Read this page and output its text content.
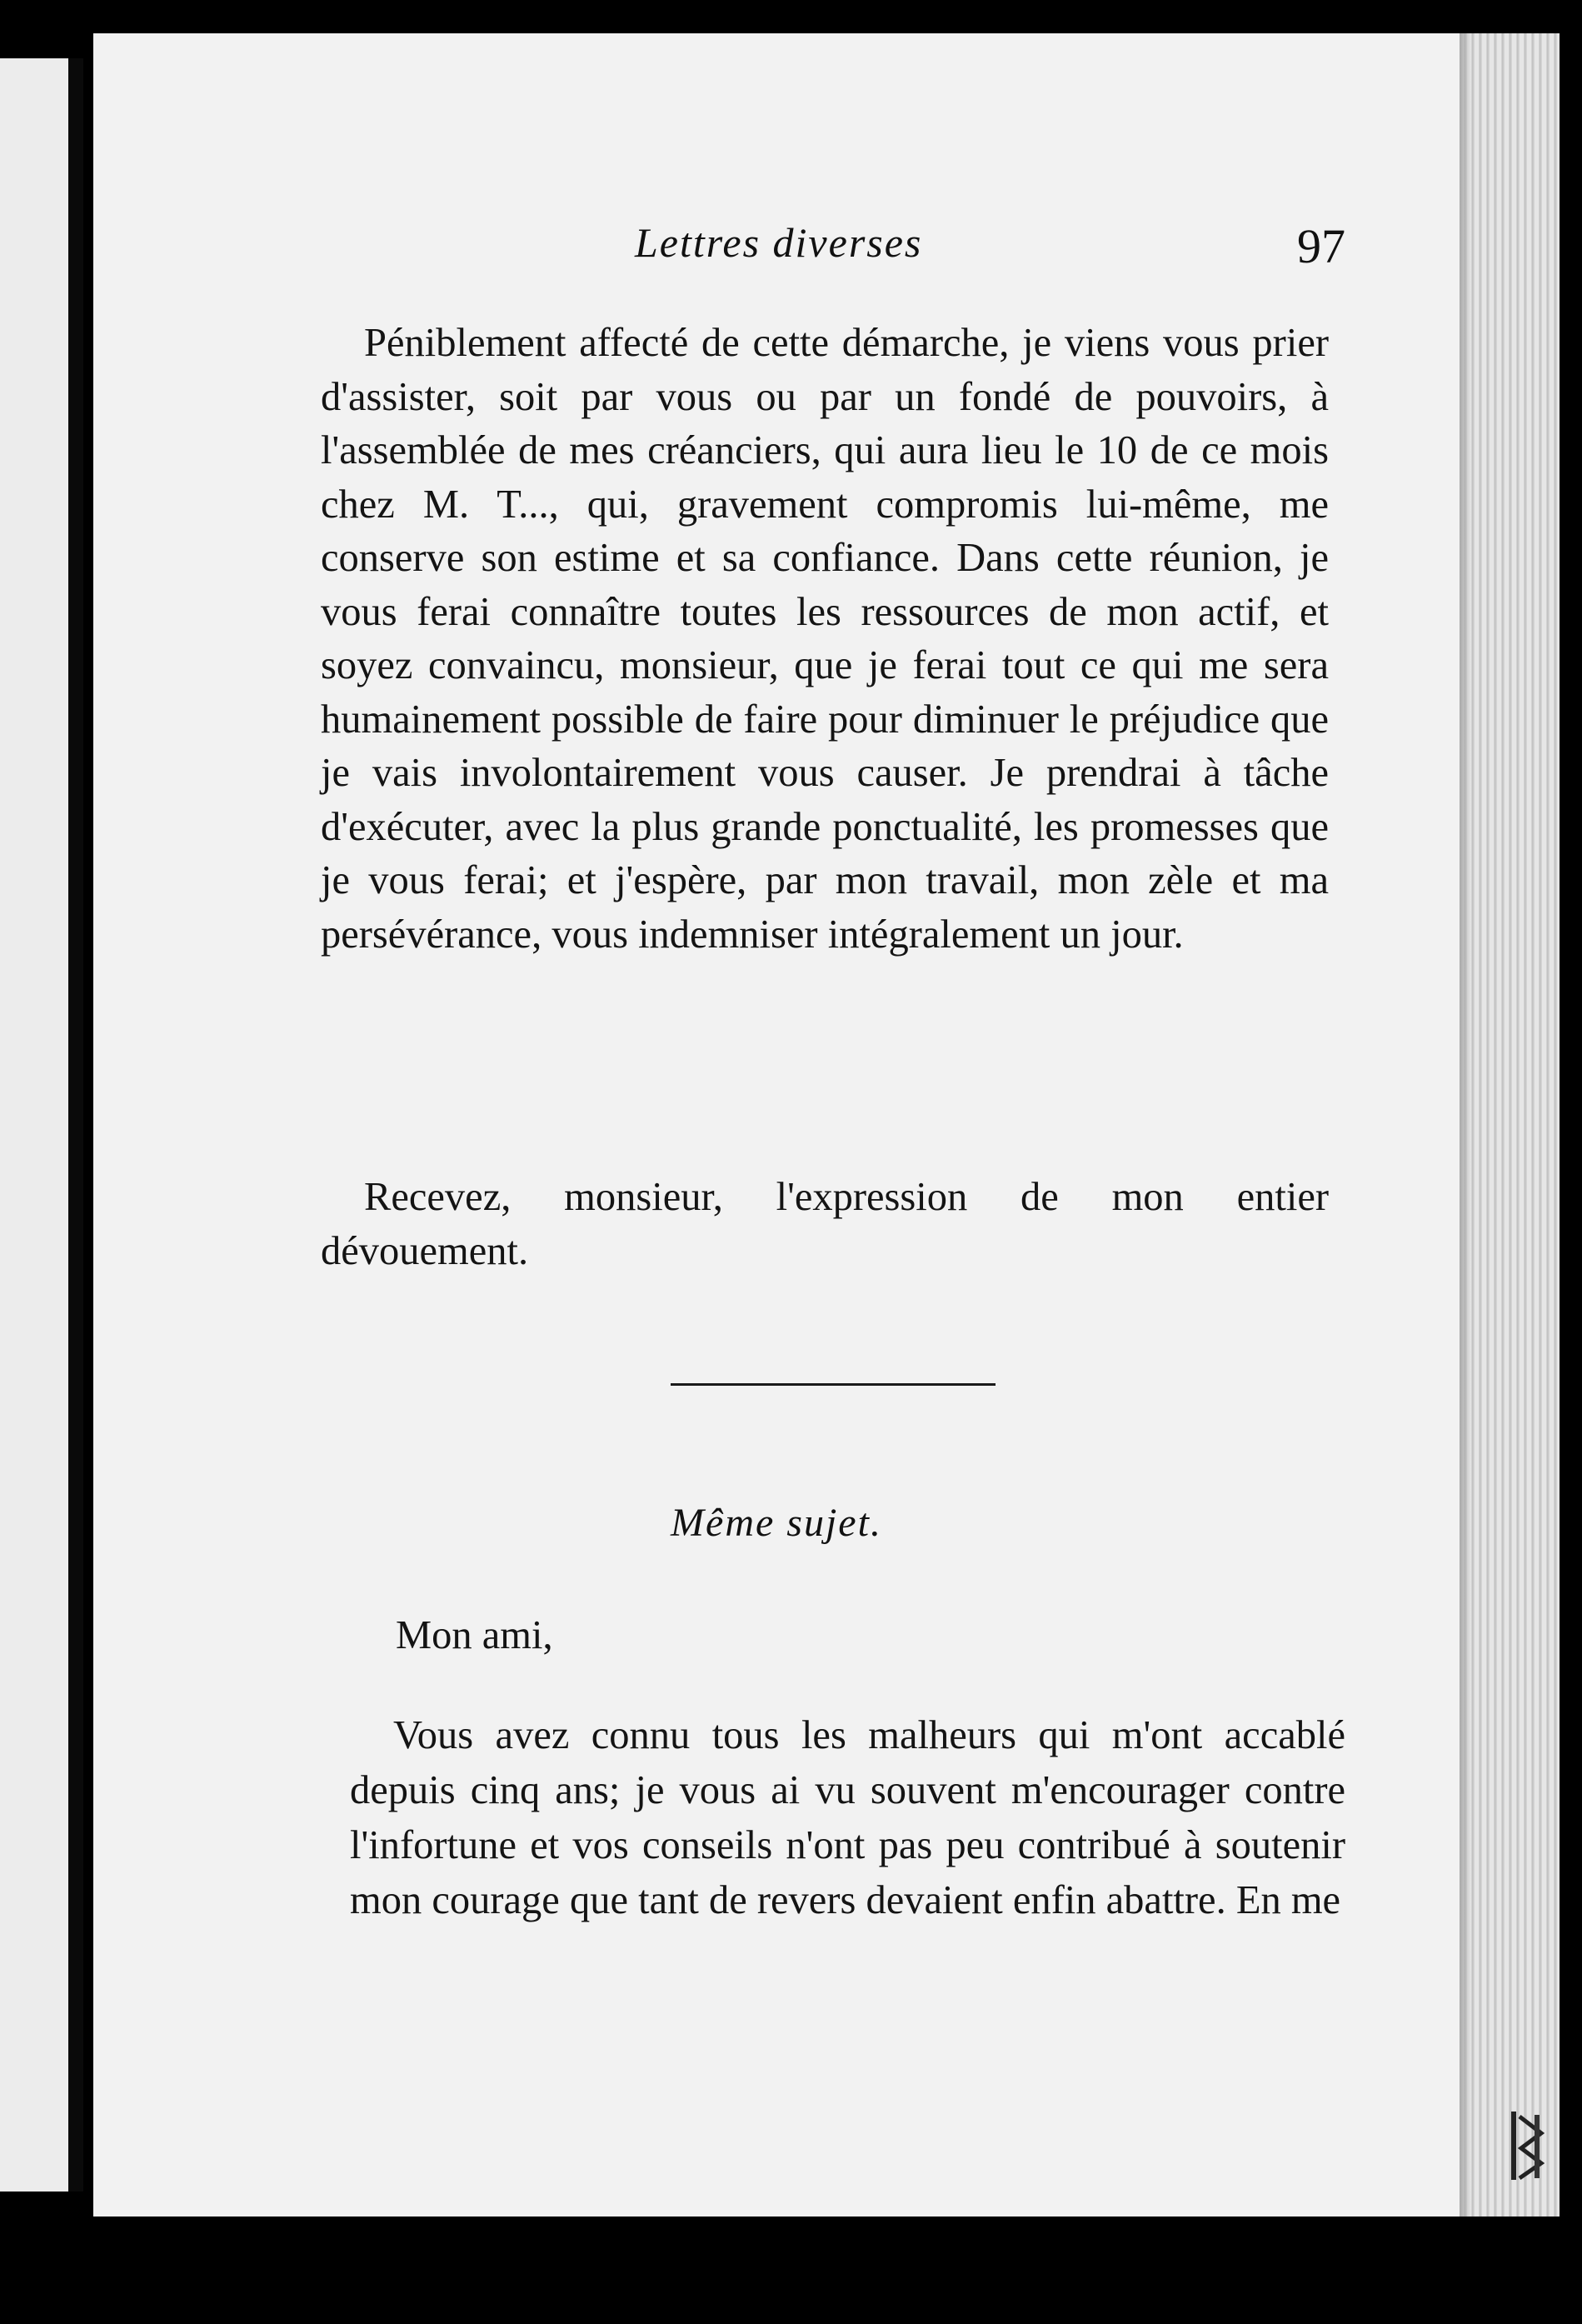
Lettres diverses	97

Péniblement affecté de cette démarche, je viens vous prier d'assister, soit par vous ou par un fondé de pouvoirs, à l'assemblée de mes créanciers, qui aura lieu le 10 de ce mois chez M. T..., qui, gravement compromis lui-même, me conserve son estime et sa confiance. Dans cette réunion, je vous ferai connaître toutes les ressources de mon actif, et soyez convaincu, monsieur, que je ferai tout ce qui me sera humainement possible de faire pour diminuer le préjudice que je vais involontairement vous causer. Je prendrai à tâche d'exécuter, avec la plus grande ponctualité, les promesses que je vous ferai; et j'espère, par mon travail, mon zèle et ma persévérance, vous indemniser intégralement un jour.

Recevez, monsieur, l'expression de mon entier dévouement.

Même sujet.
Mon ami,

Vous avez connu tous les malheurs qui m'ont accablé depuis cinq ans; je vous ai vu souvent m'encourager contre l'infortune et vos conseils n'ont pas peu contribué à soutenir mon courage que tant de revers devaient enfin abattre. En me
